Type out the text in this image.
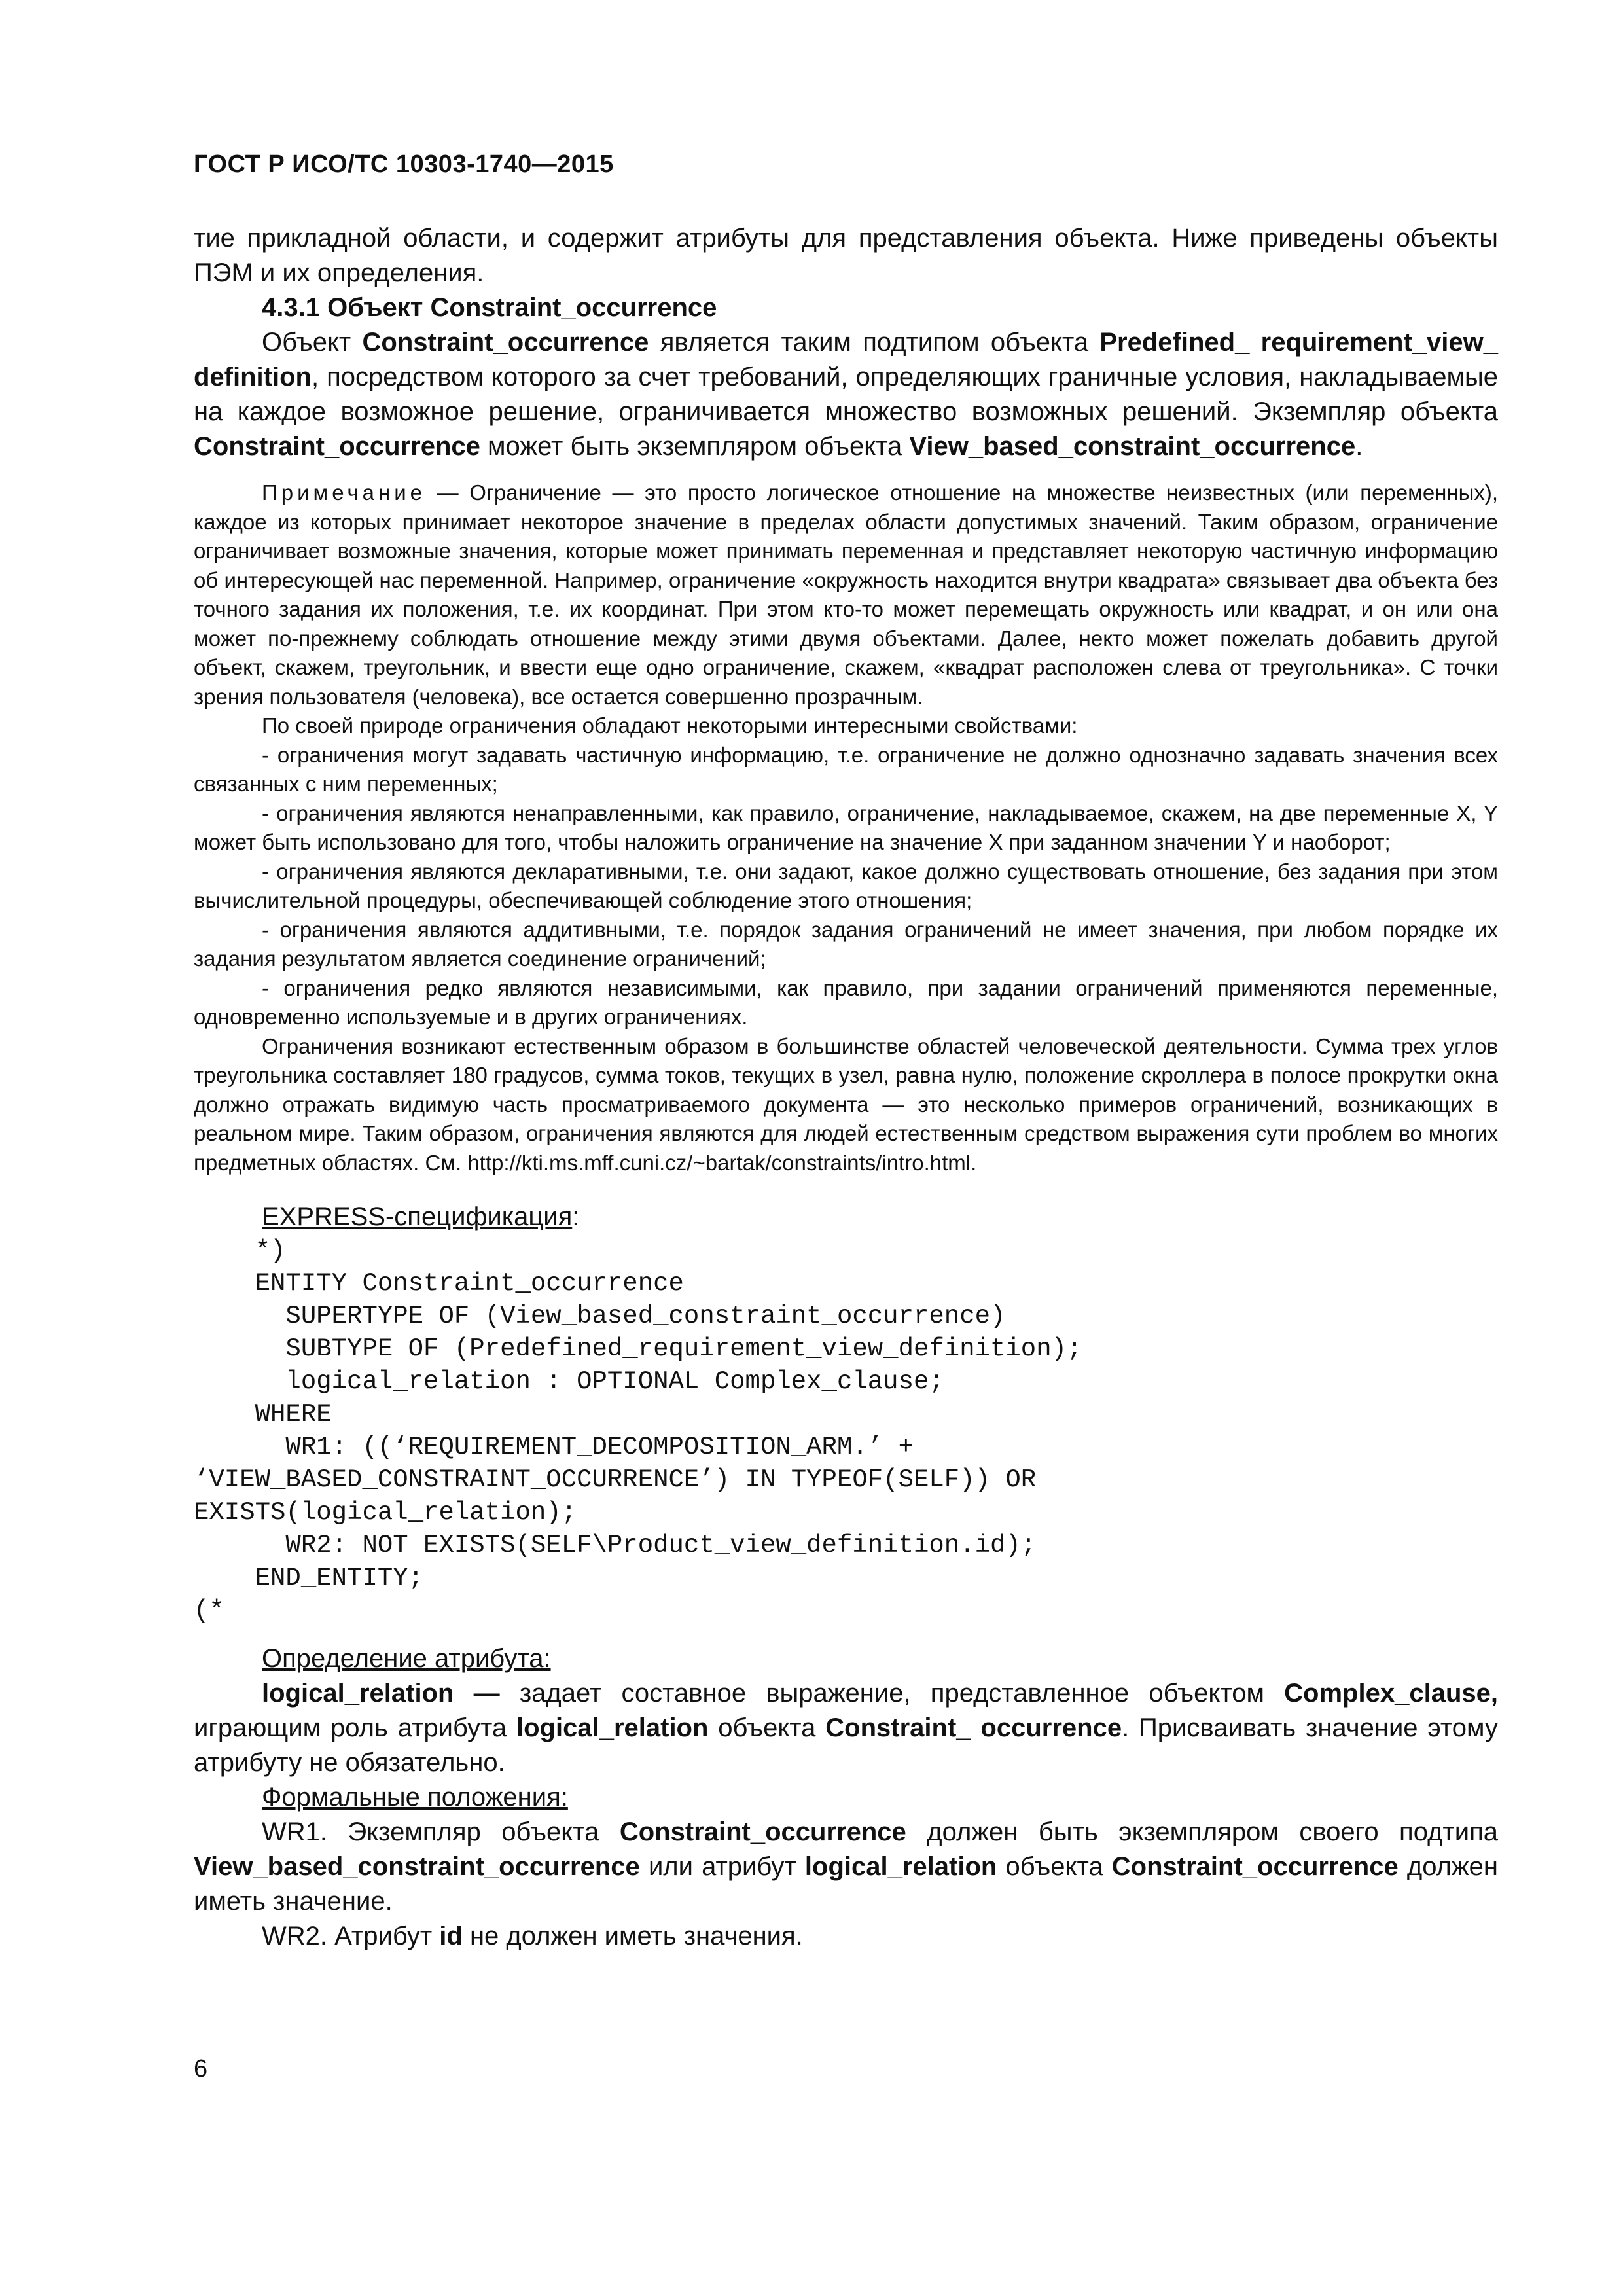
ГОСТ Р ИСО/ТС 10303-1740—2015

тие прикладной области, и содержит атрибуты для представления объекта. Ниже приведены объекты ПЭМ и их определения.

4.3.1 Объект Constraint_occurrence

Объект Constraint_occurrence является таким подтипом объекта Predefined_ requirement_view_ definition, посредством которого за счет требований, определяющих граничные условия, накладываемые на каждое возможное решение, ограничивается множество возможных решений. Экземпляр объекта Constraint_occurrence может быть экземпляром объекта View_based_constraint_occurrence.

Примечание — Ограничение — это просто логическое отношение на множестве неизвестных (или переменных), каждое из которых принимает некоторое значение в пределах области допустимых значений. Таким образом, ограничение ограничивает возможные значения, которые может принимать переменная и представляет некоторую частичную информацию об интересующей нас переменной. Например, ограничение «окружность находится внутри квадрата» связывает два объекта без точного задания их положения, т.е. их координат. При этом кто-то может перемещать окружность или квадрат, и он или она может по-прежнему соблюдать отношение между этими двумя объектами. Далее, некто может пожелать добавить другой объект, скажем, треугольник, и ввести еще одно ограничение, скажем, «квадрат расположен слева от треугольника». С точки зрения пользователя (человека), все остается совершенно прозрачным.

По своей природе ограничения обладают некоторыми интересными свойствами:

- ограничения могут задавать частичную информацию, т.е. ограничение не должно однозначно задавать значения всех связанных с ним переменных;

- ограничения являются ненаправленными, как правило, ограничение, накладываемое, скажем, на две переменные X, Y может быть использовано для того, чтобы наложить ограничение на значение X при заданном значении Y и наоборот;

- ограничения являются декларативными, т.е. они задают, какое должно существовать отношение, без задания при этом вычислительной процедуры, обеспечивающей соблюдение этого отношения;

- ограничения являются аддитивными, т.е. порядок задания ограничений не имеет значения, при любом порядке их задания результатом является соединение ограничений;

- ограничения редко являются независимыми, как правило, при задании ограничений применяются переменные, одновременно используемые и в других ограничениях.

Ограничения возникают естественным образом в большинстве областей человеческой деятельности. Сумма трех углов треугольника составляет 180 градусов, сумма токов, текущих в узел, равна нулю, положение скроллера в полосе прокрутки окна должно отражать видимую часть просматриваемого документа — это несколько примеров ограничений, возникающих в реальном мире. Таким образом, ограничения являются для людей естественным средством выражения сути проблем во многих предметных областях. См. http://kti.ms.mff.cuni.cz/~bartak/constraints/intro.html.

EXPRESS-спецификация:

*)
ENTITY Constraint_occurrence
SUPERTYPE OF (View_based_constraint_occurrence)
SUBTYPE OF (Predefined_requirement_view_definition);
logical_relation : OPTIONAL Complex_clause;
WHERE
WR1: ((‘REQUIREMENT_DECOMPOSITION_ARM.’ +
‘VIEW_BASED_CONSTRAINT_OCCURRENCE’) IN TYPEOF(SELF)) OR
EXISTS(logical_relation);
WR2: NOT EXISTS(SELF\Product_view_definition.id);
END_ENTITY;
(*

Определение атрибута:

logical_relation — задает составное выражение, представленное объектом Complex_clause, играющим роль атрибута logical_relation объекта Constraint_ occurrence. Присваивать значение этому атрибуту не обязательно.

Формальные положения:

WR1. Экземпляр объекта Constraint_occurrence должен быть экземпляром своего подтипа View_based_constraint_occurrence или атрибут logical_relation объекта Constraint_occurrence должен иметь значение.

WR2. Атрибут id не должен иметь значения.

6
